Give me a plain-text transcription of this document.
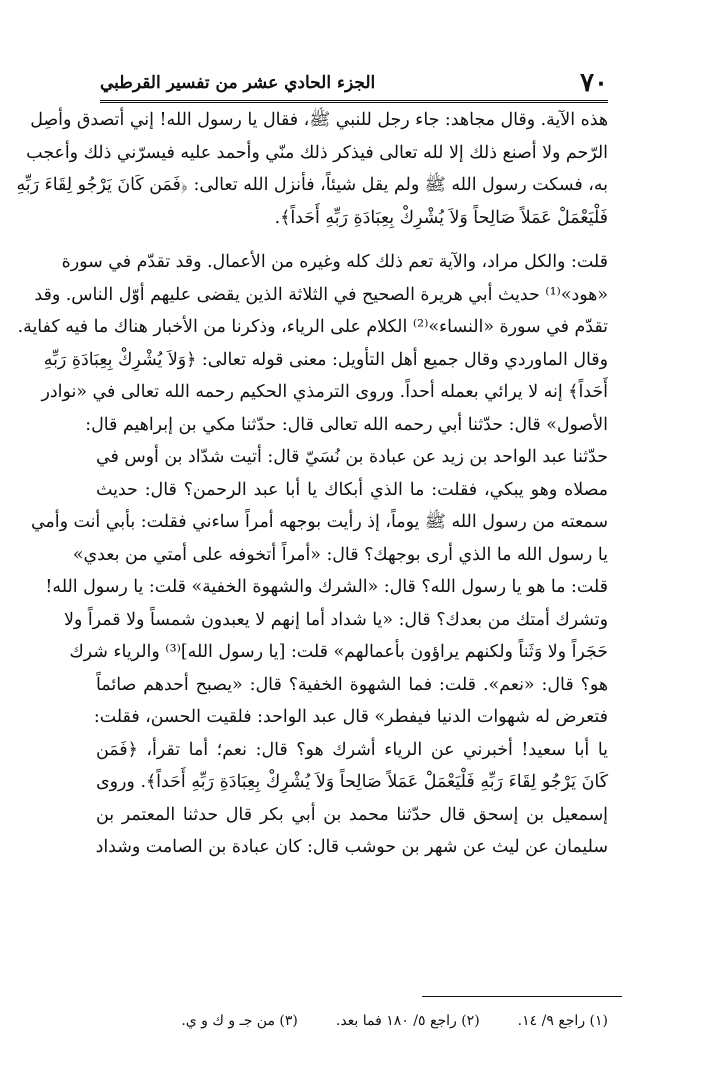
٧٠
الجزء الحادي عشر من تفسير القرطبي
هذه الآية. وقال مجاهد: جاء رجل للنبي ﷺ، فقال يا رسول الله! إني أتصدق وأصِل
الرّحم ولا أصنع ذلك إلا لله تعالى فيذكر ذلك منّي وأحمد عليه فيسرّني ذلك وأعجب
به، فسكت رسول الله ﷺ ولم يقل شيئاً، فأنزل الله تعالى: ﴿فَمَن كَانَ يَرْجُو لِقَاءَ رَبِّهِ
فَلْيَعْمَلْ عَمَلاً صَالِحاً وَلاَ يُشْرِكْ بِعِبَادَةِ رَبِّهِ أَحَداً﴾.
قلت: والكل مراد، والآية تعم ذلك كله وغيره من الأعمال. وقد تقدّم في سورة
«هود»⁽¹⁾ حديث أبي هريرة الصحيح في الثلاثة الذين يقضى عليهم أوّل الناس. وقد
تقدّم في سورة «النساء»⁽²⁾ الكلام على الرياء، وذكرنا من الأخبار هناك ما فيه كفاية.
وقال الماوردي وقال جميع أهل التأويل: معنى قوله تعالى: ﴿وَلاَ يُشْرِكْ بِعِبَادَةِ رَبِّهِ
أَحَداً﴾ إنه لا يرائي بعمله أحداً. وروى الترمذي الحكيم رحمه الله تعالى في «نوادر
الأصول» قال: حدّثنا أبي رحمه الله تعالى قال: حدّثنا مكي بن إبراهيم قال:
حدّثنا عبد الواحد بن زيد عن عبادة بن نُسَيّ قال: أتيت شدّاد بن أوس في
مصلاه وهو يبكي، فقلت: ما الذي أبكاك يا أبا عبد الرحمن؟ قال: حديث
سمعته من رسول الله ﷺ يوماً، إذ رأيت بوجهه أمراً ساءني فقلت: بأبي أنت وأمي
يا رسول الله ما الذي أرى بوجهك؟ قال: «أمراً أتخوفه على أمتي من بعدي»
قلت: ما هو يا رسول الله؟ قال: «الشرك والشهوة الخفية» قلت: يا رسول الله!
وتشرك أمتك من بعدك؟ قال: «يا شداد أما إنهم لا يعبدون شمساً ولا قمراً ولا
حَجَراً ولا وَثَناً ولكنهم يراؤون بأعمالهم» قلت: [يا رسول الله]⁽³⁾ والرياء شرك
هو؟ قال: «نعم». قلت: فما الشهوة الخفية؟ قال: «يصبح أحدهم صائماً
فتعرض له شهوات الدنيا فيفطر» قال عبد الواحد: فلقيت الحسن، فقلت:
يا أبا سعيد! أخبرني عن الرياء أشرك هو؟ قال: نعم؛ أما تقرأ، ﴿فَمَن
كَانَ يَرْجُو لِقَاءَ رَبِّهِ فَلْيَعْمَلْ عَمَلاً صَالِحاً وَلاَ يُشْرِكْ بِعِبَادَةِ رَبِّهِ أَحَداً﴾. وروى
إسمعيل بن إسحق قال حدّثنا محمد بن أبي بكر قال حدثنا المعتمر بن
سليمان عن ليث عن شهر بن حوشب قال: كان عبادة بن الصامت وشداد
(١) راجع ٩/ ١٤.
(٢) راجع ٥/ ١٨٠ فما بعد.
(٣) من جـ و ك و ي.
